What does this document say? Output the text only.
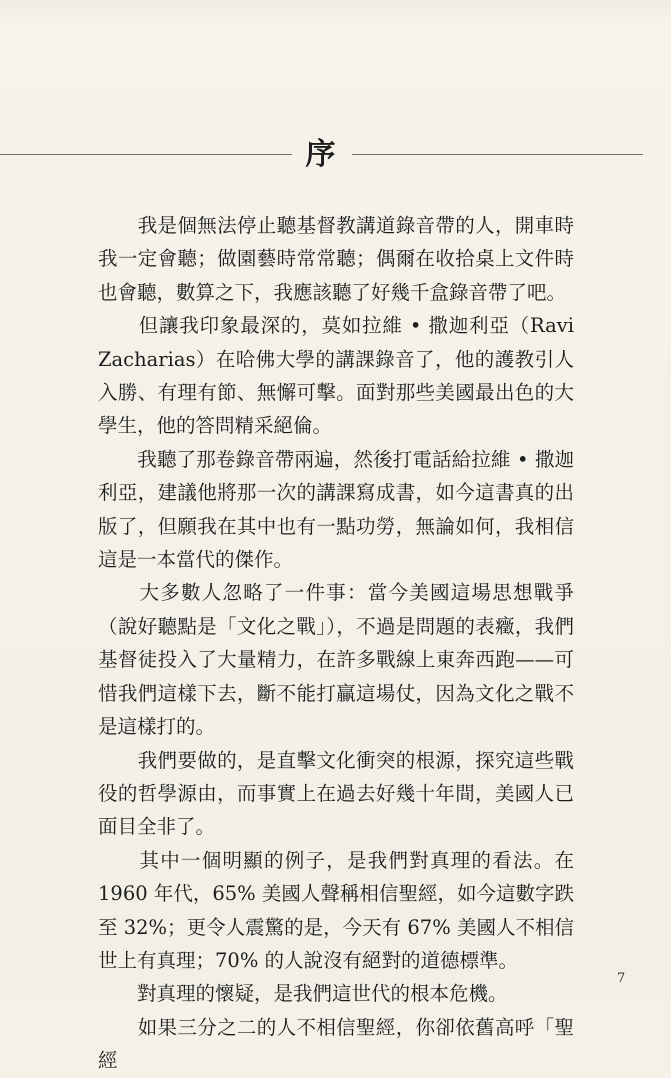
序

　　我是個無法停止聽基督教講道錄音帶的人，開車時我一定會聽；做園藝時常常聽；偶爾在收拾桌上文件時也會聽，數算之下，我應該聽了好幾千盒錄音帶了吧。

　　但讓我印象最深的，莫如拉維 • 撒迦利亞（Ravi Zacharias）在哈佛大學的講課錄音了，他的護教引人入勝、有理有節、無懈可擊。面對那些美國最出色的大學生，他的答問精采絕倫。

　　我聽了那卷錄音帶兩遍，然後打電話給拉維 • 撒迦利亞，建議他將那一次的講課寫成書，如今這書真的出版了，但願我在其中也有一點功勞，無論如何，我相信這是一本當代的傑作。

　　大多數人忽略了一件事：當今美國這場思想戰爭（說好聽點是「文化之戰」），不過是問題的表癥，我們基督徒投入了大量精力，在許多戰線上東奔西跑——可惜我們這樣下去，斷不能打贏這場仗，因為文化之戰不是這樣打的。

　　我們要做的，是直擊文化衝突的根源，探究這些戰役的哲學源由，而事實上在過去好幾十年間，美國人已面目全非了。

　　其中一個明顯的例子，是我們對真理的看法。在 1960 年代，65% 美國人聲稱相信聖經，如今這數字跌至 32%；更令人震驚的是，今天有 67% 美國人不相信世上有真理；70% 的人說沒有絕對的道德標準。

　　對真理的懷疑，是我們這世代的根本危機。

　　如果三分之二的人不相信聖經，你卻依舊高呼「聖經

7
